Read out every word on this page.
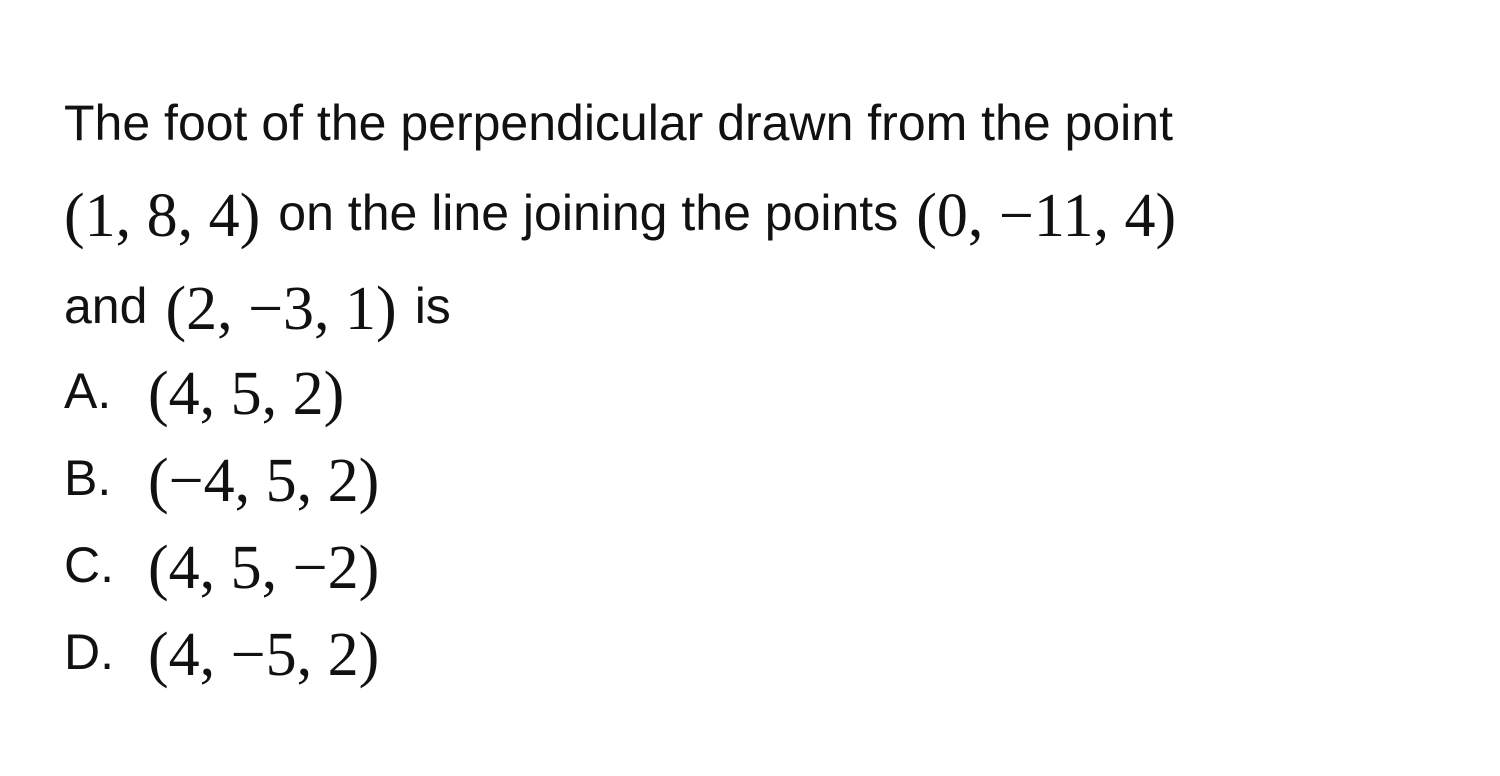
The foot of the perpendicular drawn from the point
(1, 8, 4) on the line joining the points (0, −11, 4)
and (2, −3, 1) is
A. (4, 5, 2)
B. (−4, 5, 2)
C. (4, 5, −2)
D. (4, −5, 2)
